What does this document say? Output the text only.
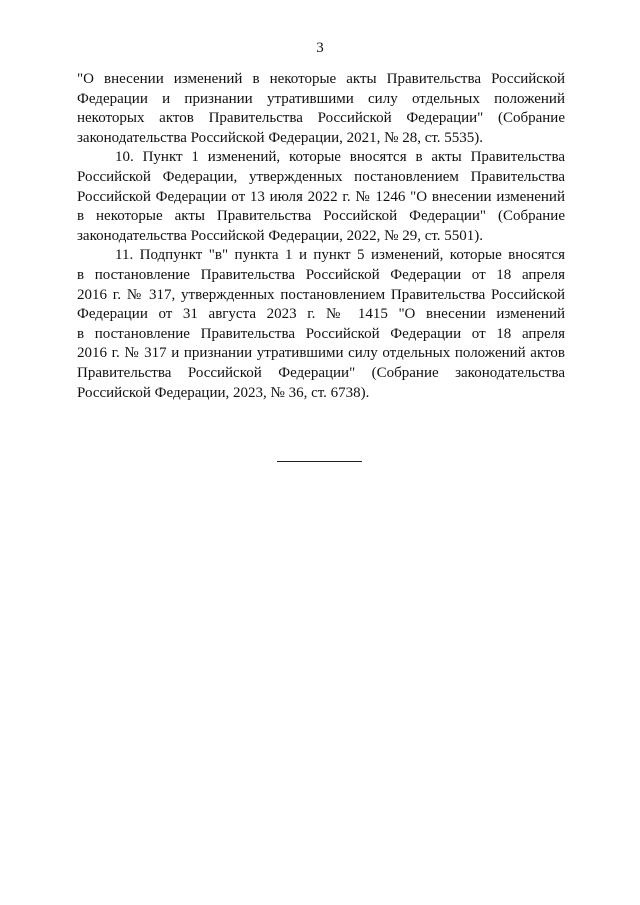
3
"О внесении изменений в некоторые акты Правительства Российской
Федерации и признании утратившими силу отдельных положений
некоторых актов Правительства Российской Федерации" (Собрание
законодательства Российской Федерации, 2021, № 28, ст. 5535).
10. Пункт 1 изменений, которые вносятся в акты Правительства
Российской Федерации, утвержденных постановлением Правительства
Российской Федерации от 13 июля 2022 г. № 1246 "О внесении изменений
в некоторые акты Правительства Российской Федерации" (Собрание
законодательства Российской Федерации, 2022, № 29, ст. 5501).
11. Подпункт "в" пункта 1 и пункт 5 изменений, которые вносятся
в постановление Правительства Российской Федерации от 18 апреля
2016 г. № 317, утвержденных постановлением Правительства Российской
Федерации от 31 августа 2023 г. № 1415 "О внесении изменений
в постановление Правительства Российской Федерации от 18 апреля
2016 г. № 317 и признании утратившими силу отдельных положений актов
Правительства Российской Федерации" (Собрание законодательства
Российской Федерации, 2023, № 36, ст. 6738).
